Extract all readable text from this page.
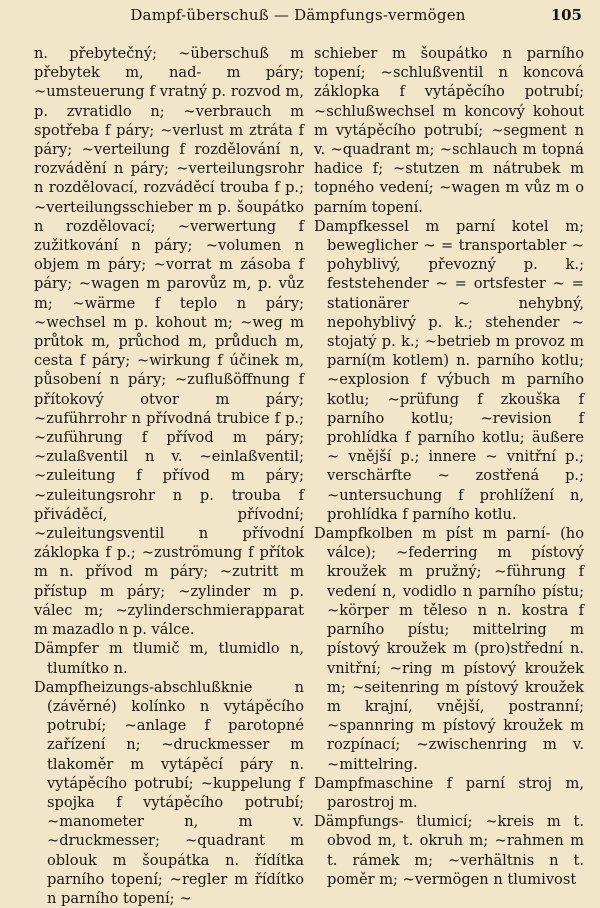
Dampf-überschuß — Dämpfungs-vermögen	105

n. přebytečný; ~überschuß m přebytek m, nad- m páry; ~umsteuerung f vratný p. rozvod m, p. zvratidlo n; ~verbrauch m spotřeba f páry; ~verlust m ztráta f páry; ~verteilung f rozdělování n, rozvádění n páry; ~verteilungsrohr n rozdělovací, rozváděcí trouba f p.; ~verteilungsschieber m p. šoupátko n rozdělovací; ~verwertung f zužitkování n páry; ~volumen n objem m páry; ~vorrat m zásoba f páry; ~wagen m parovůz m, p. vůz m; ~wärme f teplo n páry; ~wechsel m p. kohout m; ~weg m průtok m, průchod m, průduch m, cesta f páry; ~wirkung f účinek m, působení n páry; ~zuflußöffnung f přítokový otvor m páry; ~zuführrohr n přívodná trubice f p.; ~zuführung f přívod m páry; ~zulaßventil n v. ~einlaßventil; ~zuleitung f přívod m páry; ~zuleitungsrohr n p. trouba f přiváděcí, přívodní; ~zuleitungsventil n přívodní záklopka f p.; ~zuströmung f přítok m n. přívod m páry; ~zutritt m přístup m páry; ~zylinder m p. válec m; ~zylinderschmierapparat m mazadlo n p. válce.

Dämpfer m tlumič m, tlumidlo n, tlumítko n.

Dampfheizungs-abschlußknie n (závěrné) kolínko n vytápěcího potrubí; ~anlage f parotopné zařízení n; ~druckmesser m tlakoměr m vytápěcí páry n. vytápěcího potrubí; ~kuppelung f spojka f vytápěcího potrubí; ~manometer n, m v. ~druckmesser; ~quadrant m oblouk m šoupátka n. řídítka parního topení; ~regler m řídítko n parního topení; ~

schieber m šoupátko n parního topení; ~schlußventil n koncová záklopka f vytápěcího potrubí; ~schlußwechsel m koncový kohout m vytápěcího potrubí; ~segment n v. ~quadrant m; ~schlauch m topná hadice f; ~stutzen m nátrubek m topného vedení; ~wagen m vůz m o parním topení.

Dampfkessel m parní kotel m; beweglicher ~ = transportabler ~ pohyblivý, převozný p. k.; feststehender ~ = ortsfester ~ = stationärer ~ nehybný, nepohyblivý p. k.; stehender ~ stojatý p. k.; ~betrieb m provoz m parní(m kotlem) n. parního kotlu; ~explosion f výbuch m parního kotlu; ~prüfung f zkouška f parního kotlu; ~revision f prohlídka f parního kotlu; äußere ~ vnější p.; innere ~ vnitřní p.; verschärfte ~ zostřená p.; ~untersuchung f prohlížení n, prohlídka f parního kotlu.

Dampfkolben m píst m parní- (ho válce); ~federring m pístový kroužek m pružný; ~führung f vedení n, vodidlo n parního pístu; ~körper m těleso n n. kostra f parního pístu; mittelring m pístový kroužek m (pro)střední n. vnitřní; ~ring m pístový kroužek m; ~seitenring m pístový kroužek m krajní, vnější, postranní; ~spannring m pístový kroužek m rozpínací; ~zwischenring m v. ~mittelring.

Dampfmaschine f parní stroj m, parostroj m.

Dämpfungs- tlumicí; ~kreis m t. obvod m, t. okruh m; ~rahmen m t. rámek m; ~verhältnis n t. poměr m; ~vermögen n tlumivost
